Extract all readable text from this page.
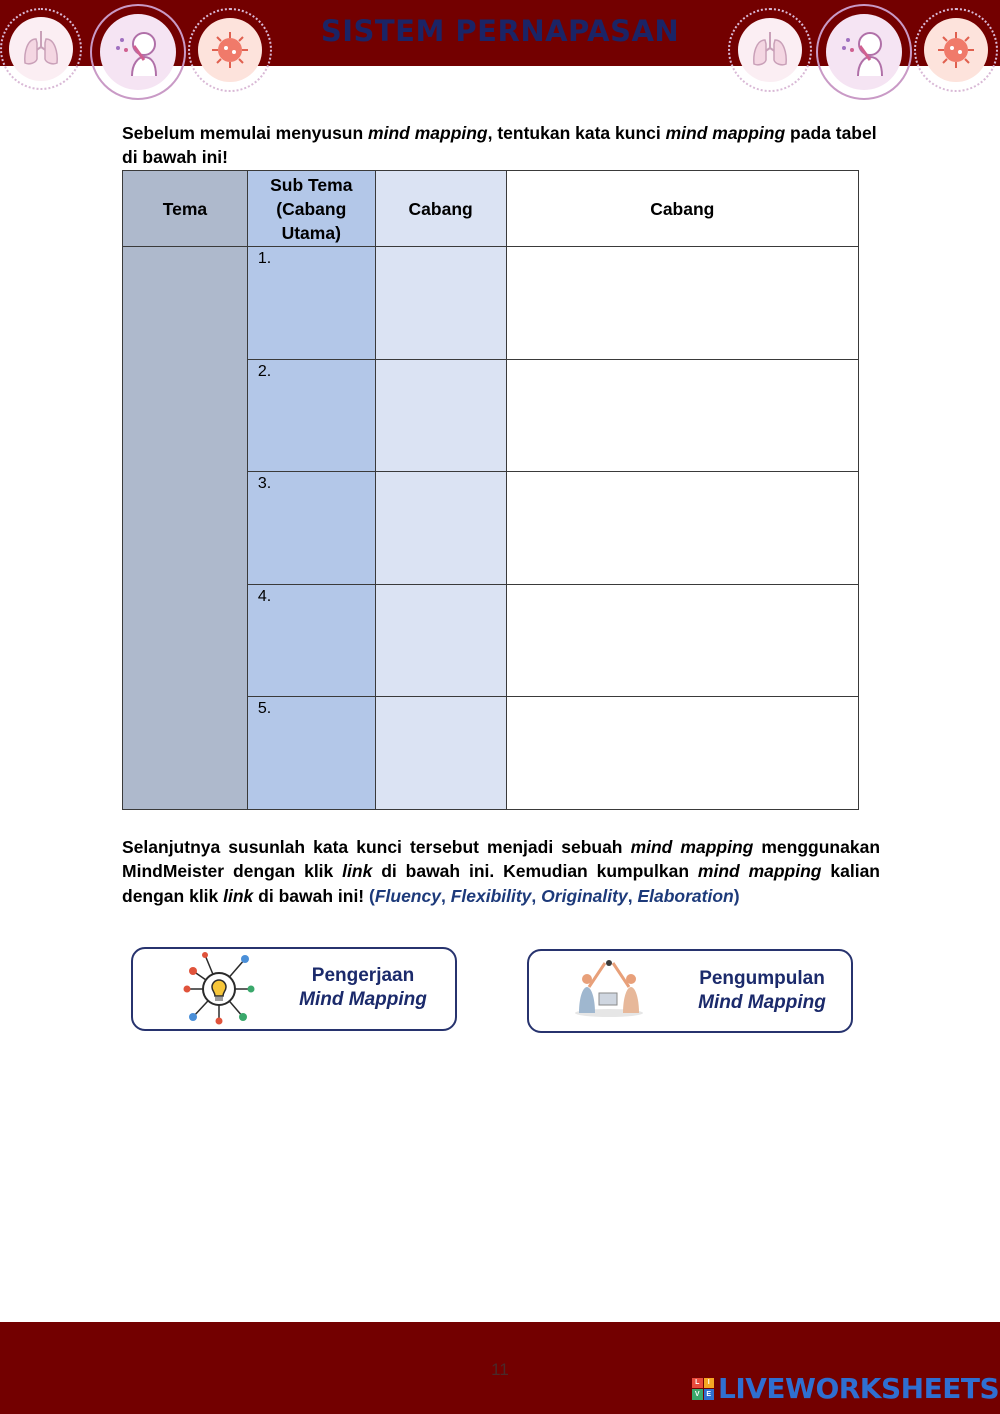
SISTEM PERNAPASAN

Sebelum memulai menyusun mind mapping, tentukan kata kunci mind mapping pada tabel di bawah ini!

Tema	Sub Tema (Cabang Utama)	Cabang	Cabang
	1.		
	2.		
	3.		
	4.		
	5.		

Selanjutnya susunlah kata kunci tersebut menjadi sebuah mind mapping menggunakan MindMeister dengan klik link di bawah ini. Kemudian kumpulkan mind mapping kalian dengan klik link di bawah ini! (Fluency, Flexibility, Originality, Elaboration)

Pengerjaan
Mind Mapping
Pengumpulan
Mind Mapping
11
L	I
V E LIVEWORKSHEETS
